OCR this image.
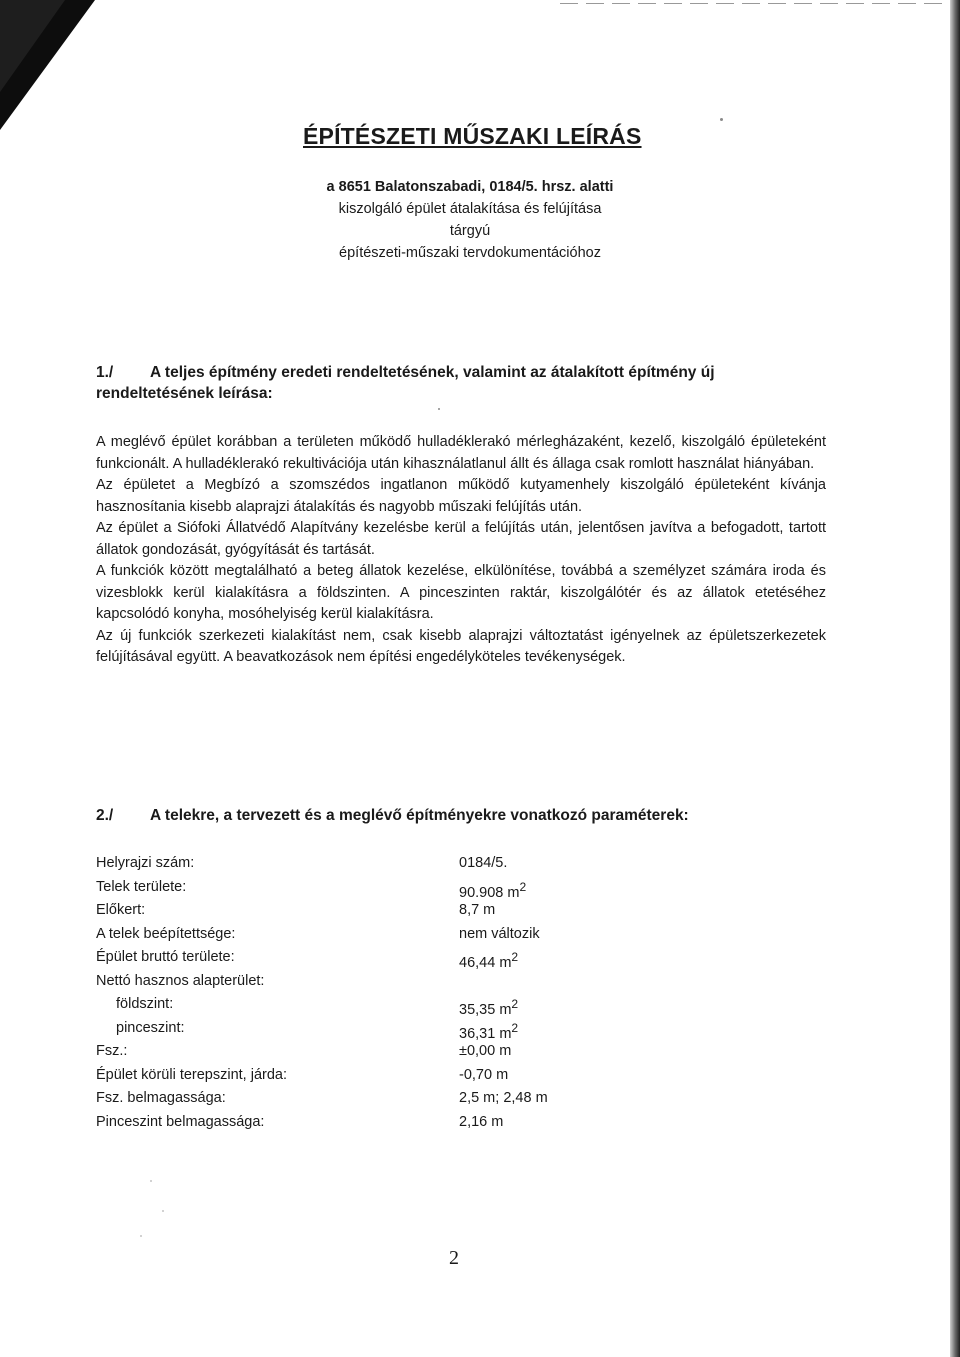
ÉPÍTÉSZETI MŰSZAKI LEÍRÁS
a 8651 Balatonszabadi, 0184/5. hrsz. alatti
kiszolgáló épület átalakítása és felújítása
tárgyú
építészeti-műszaki tervdokumentációhoz
1./ A teljes építmény eredeti rendeltetésének, valamint az átalakított építmény új rendeltetésének leírása:

A meglévő épület korábban a területen működő hulladéklerakó mérlegházaként, kezelő, kiszolgáló épületeként funkcionált. A hulladéklerakó rekultivációja után kihasználatlanul állt és állaga csak romlott használat hiányában.

Az épületet a Megbízó a szomszédos ingatlanon működő kutyamenhely kiszolgáló épületeként kívánja hasznosítania kisebb alaprajzi átalakítás és nagyobb műszaki felújítás után.

Az épület a Siófoki Állatvédő Alapítvány kezelésbe kerül a felújítás után, jelentősen javítva a befogadott, tartott állatok gondozását, gyógyítását és tartását.

A funkciók között megtalálható a beteg állatok kezelése, elkülönítése, továbbá a személyzet számára iroda és vizesblokk kerül kialakításra a földszinten. A pinceszinten raktár, kiszolgálótér és az állatok etetéséhez kapcsolódó konyha, mosóhelyiség kerül kialakításra.

Az új funkciók szerkezeti kialakítást nem, csak kisebb alaprajzi változtatást igényelnek az épületszerkezetek felújításával együtt. A beavatkozások nem építési engedélyköteles tevékenységek.

2./ A telekre, a tervezett és a meglévő építményekre vonatkozó paraméterek:
Helyrajzi szám:	0184/5.
Telek területe:	90.908 $m^2$
Előkert:	8,7 m
A telek beépítettsége:	nem változik
Épület bruttó területe:	46,44 $m^2$
Nettó hasznos alapterület:
földszint:	35,35 $m^2$
pinceszint:	36,31 $m^2$
Fsz.:	±0,00 m
Épület körüli terepszint, járda:	-0,70 m
Fsz. belmagassága:	2,5 m; 2,48 m
Pinceszint belmagassága:	2,16 m
2
